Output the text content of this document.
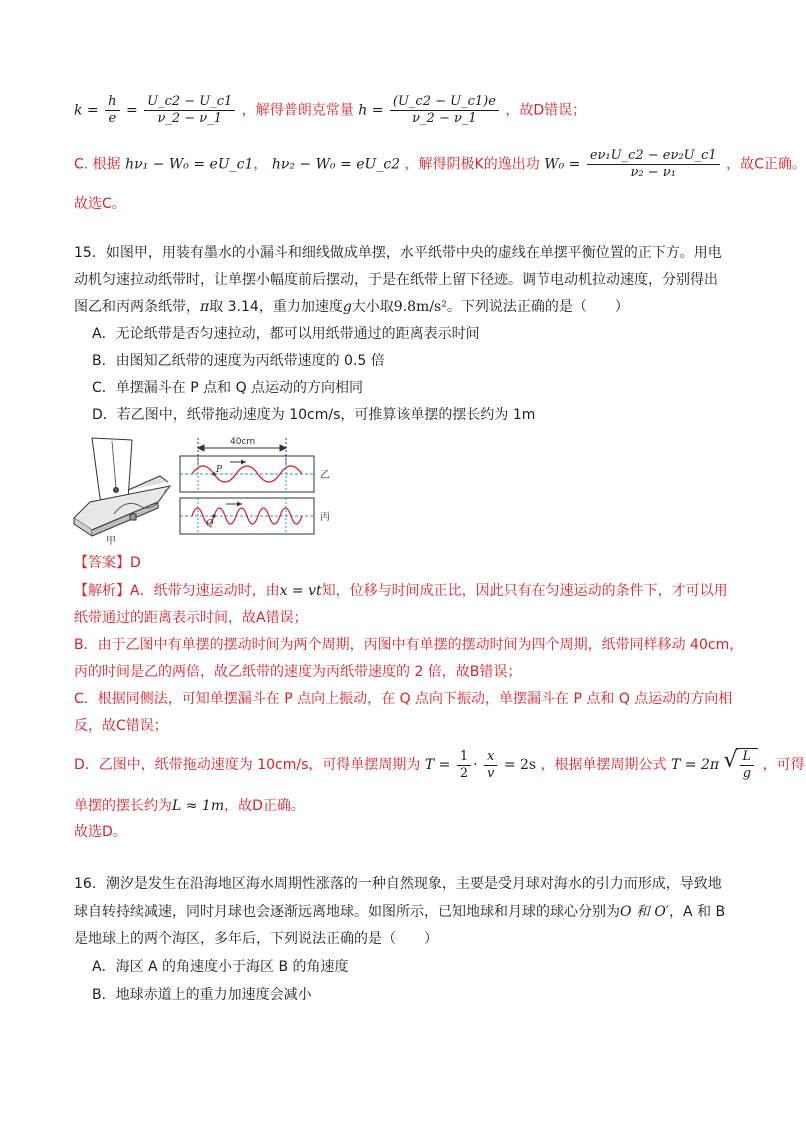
$k = \frac{h}{e} = \frac{U\_c2 - U\_c1}{\nu\_2 - \nu\_1}$ ，解得普朗克常量 $h = \frac{(U\_c2 - U\_c1)e}{\nu\_2 - \nu\_1}$ ，故D错误；
C. 根据 hν₁ − W₀ = eU_c1， hν₂ − W₀ = eU_c2 ，解得阴极K的逸出功 $W_0 = \frac{\text{eν₁U\_c2 − eν₂U\_c1}}{\text{ν₂ − ν₁}}$ ，故C正确。
故选C。
15．如图甲，用装有墨水的小漏斗和细线做成单摆，水平纸带中央的虚线在单摆平衡位置的正下方。用电
动机匀速拉动纸带时，让单摆小幅度前后摆动，于是在纸带上留下径迹。调节电动机拉动速度，分别得出
图乙和丙两条纸带，π取 3.14，重力加速度g大小取9.8m/s²。下列说法正确的是（　　）
A．无论纸带是否匀速拉动，都可以用纸带通过的距离表示时间
B．由图知乙纸带的速度为丙纸带速度的 0.5 倍
C．单摆漏斗在 P 点和 Q 点运动的方向相同
D．若乙图中，纸带拖动速度为 10cm/s，可推算该单摆的摆长约为 1m
甲
40cm
P	乙
Q
丙
【答案】D
【解析】A．纸带匀速运动时，由x = vt知，位移与时间成正比，因此只有在匀速运动的条件下，才可以用
纸带通过的距离表示时间，故A错误；
B．由于乙图中有单摆的摆动时间为两个周期，丙图中有单摆的摆动时间为四个周期，纸带同样移动 40cm，
丙的时间是乙的两倍，故乙纸带的速度为丙纸带速度的 2 倍，故B错误；
C．根据同侧法，可知单摆漏斗在 P 点向上振动，在 Q 点向下振动，单摆漏斗在 P 点和 Q 点运动的方向相
反，故C错误；
D．乙图中，纸带拖动速度为 10cm/s，可得单摆周期为 $T = \frac{1}{2} \cdot \frac{x}{v} = 2s$ ，根据单摆周期公式 T = 2π √ $\frac{L}{g}$ ，可得
单摆的摆长约为L ≈ 1m，故D正确。
故选D。
16．潮汐是发生在沿海地区海水周期性涨落的一种自然现象，主要是受月球对海水的引力而形成，导致地
球自转持续减速，同时月球也会逐渐远离地球。如图所示，已知地球和月球的球心分别为O 和 O′，A 和 B
是地球上的两个海区，多年后，下列说法正确的是（　　）
A．海区 A 的角速度小于海区 B 的角速度
B．地球赤道上的重力加速度会减小
